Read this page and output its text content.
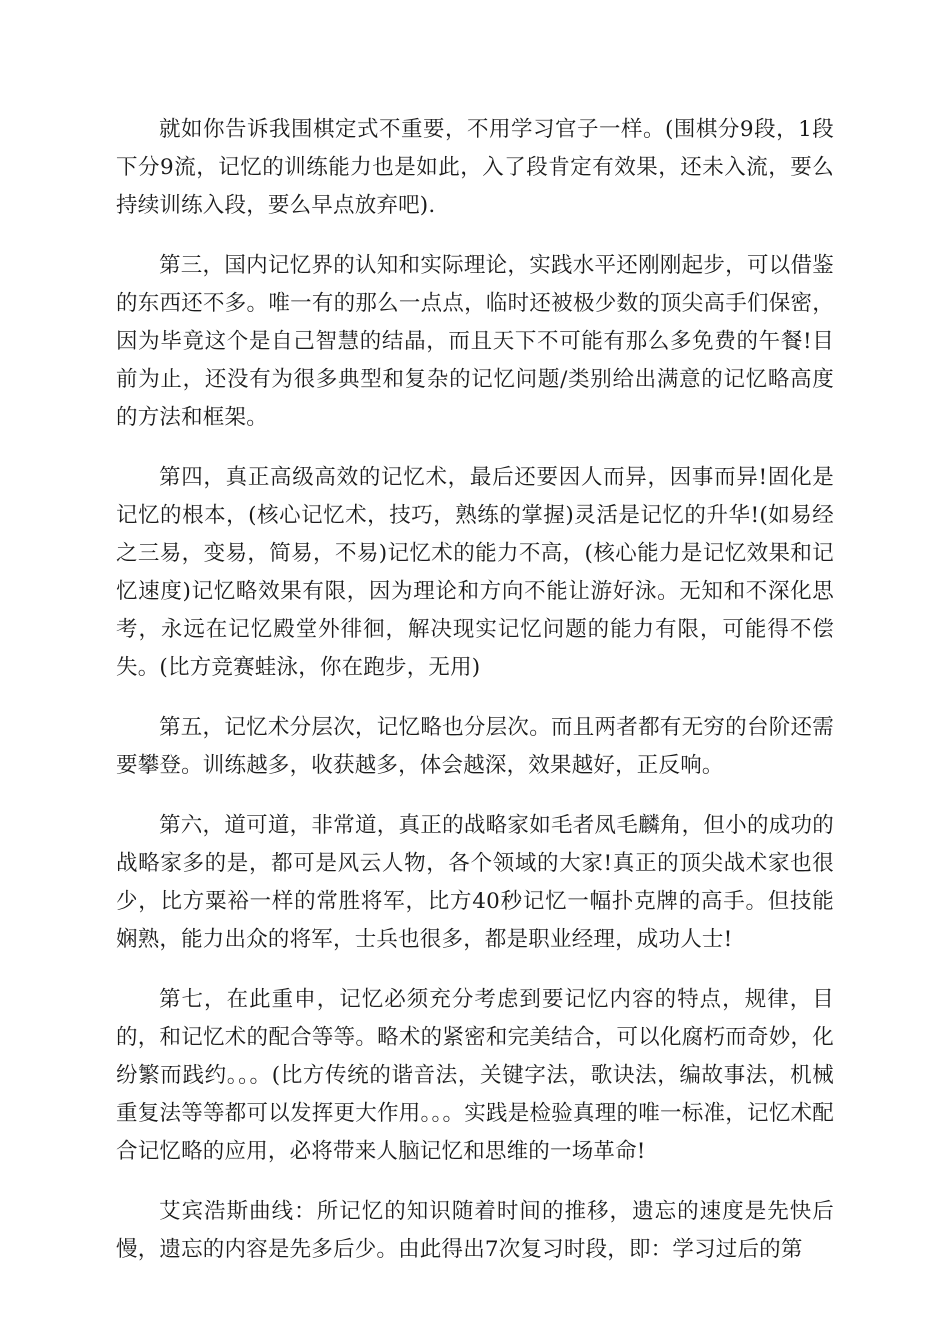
就如你告诉我围棋定式不重要，不用学习官子一样。(围棋分9段，1段下分9流，记忆的训练能力也是如此，入了段肯定有效果，还未入流，要么持续训练入段，要么早点放弃吧).

第三，国内记忆界的认知和实际理论，实践水平还刚刚起步，可以借鉴的东西还不多。唯一有的那么一点点，临时还被极少数的顶尖高手们保密，因为毕竟这个是自己智慧的结晶，而且天下不可能有那么多免费的午餐!目前为止，还没有为很多典型和复杂的记忆问题/类别给出满意的记忆略高度的方法和框架。

第四，真正高级高效的记忆术，最后还要因人而异，因事而异!固化是记忆的根本，(核心记忆术，技巧，熟练的掌握)灵活是记忆的升华!(如易经之三易，变易，简易，不易)记忆术的能力不高，(核心能力是记忆效果和记忆速度)记忆略效果有限，因为理论和方向不能让游好泳。无知和不深化思考，永远在记忆殿堂外徘徊，解决现实记忆问题的能力有限，可能得不偿失。(比方竞赛蛙泳，你在跑步，无用)

第五，记忆术分层次，记忆略也分层次。而且两者都有无穷的台阶还需要攀登。训练越多，收获越多，体会越深，效果越好，正反响。

第六，道可道，非常道，真正的战略家如毛者凤毛麟角，但小的成功的战略家多的是，都可是风云人物，各个领域的大家!真正的顶尖战术家也很少，比方粟裕一样的常胜将军，比方40秒记忆一幅扑克牌的高手。但技能娴熟，能力出众的将军，士兵也很多，都是职业经理，成功人士!

第七，在此重申，记忆必须充分考虑到要记忆内容的特点，规律，目的，和记忆术的配合等等。略术的紧密和完美结合，可以化腐朽而奇妙，化纷繁而践约。。。(比方传统的谐音法，关键字法，歌诀法，编故事法，机械重复法等等都可以发挥更大作用。。。实践是检验真理的唯一标准，记忆术配合记忆略的应用，必将带来人脑记忆和思维的一场革命!

艾宾浩斯曲线：所记忆的知识随着时间的推移，遗忘的速度是先快后慢，遗忘的内容是先多后少。由此得出7次复习时段，即：学习过后的第
